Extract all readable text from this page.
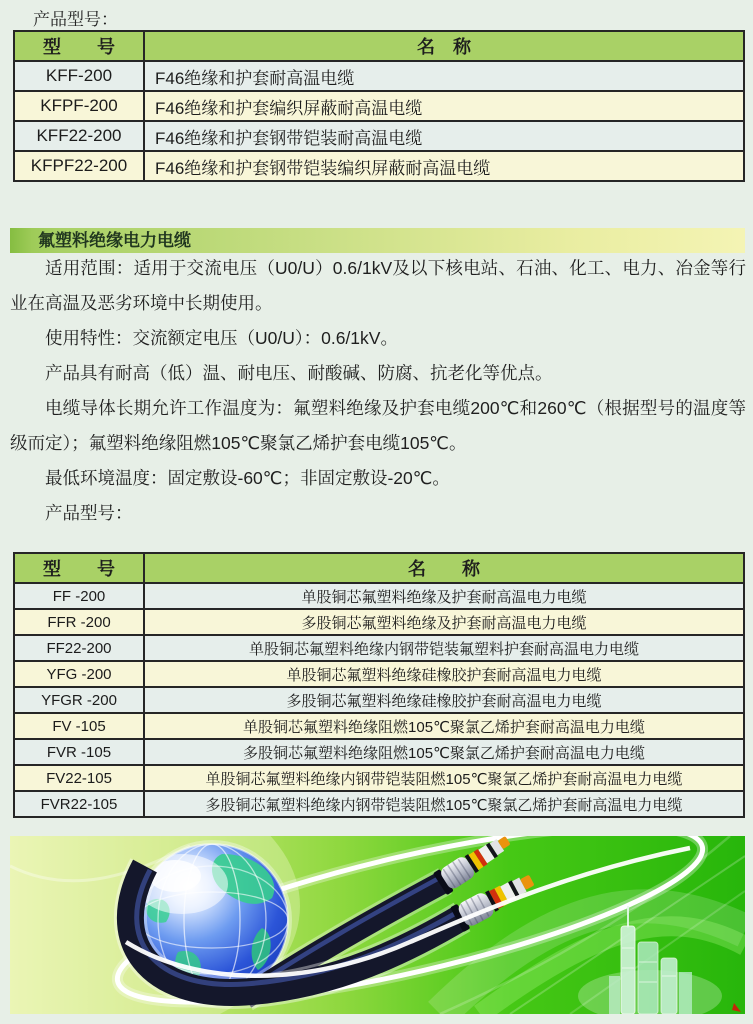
产品型号：
型　　号	名　称
KFF-200	F46绝缘和护套耐高温电缆
KFPF-200	F46绝缘和护套编织屏蔽耐高温电缆
KFF22-200	F46绝缘和护套钢带铠装耐高温电缆
KFPF22-200	F46绝缘和护套钢带铠装编织屏蔽耐高温电缆
氟塑料绝缘电力电缆

适用范围：适用于交流电压（U0/U）0.6/1kV及以下核电站、石油、化工、电力、冶金等行业在高温及恶劣环境中长期使用。

使用特性：交流额定电压（U0/U）：0.6/1kV。

产品具有耐高（低）温、耐电压、耐酸碱、防腐、抗老化等优点。

电缆导体长期允许工作温度为：氟塑料绝缘及护套电缆200℃和260℃（根据型号的温度等级而定）；氟塑料绝缘阻燃105℃聚氯乙烯护套电缆105℃。

最低环境温度：固定敷设-60℃；非固定敷设-20℃。

产品型号：

型　　号	名　　称
FF -200	单股铜芯氟塑料绝缘及护套耐高温电力电缆
FFR -200	多股铜芯氟塑料绝缘及护套耐高温电力电缆
FF22-200	单股铜芯氟塑料绝缘内钢带铠装氟塑料护套耐高温电力电缆
YFG -200	单股铜芯氟塑料绝缘硅橡胶护套耐高温电力电缆
YFGR -200	多股铜芯氟塑料绝缘硅橡胶护套耐高温电力电缆
FV -105	单股铜芯氟塑料绝缘阻燃105℃聚氯乙烯护套耐高温电力电缆
FVR -105	多股铜芯氟塑料绝缘阻燃105℃聚氯乙烯护套耐高温电力电缆
FV22-105	单股铜芯氟塑料绝缘内钢带铠装阻燃105℃聚氯乙烯护套耐高温电力电缆
FVR22-105	多股铜芯氟塑料绝缘内钢带铠装阻燃105℃聚氯乙烯护套耐高温电力电缆
